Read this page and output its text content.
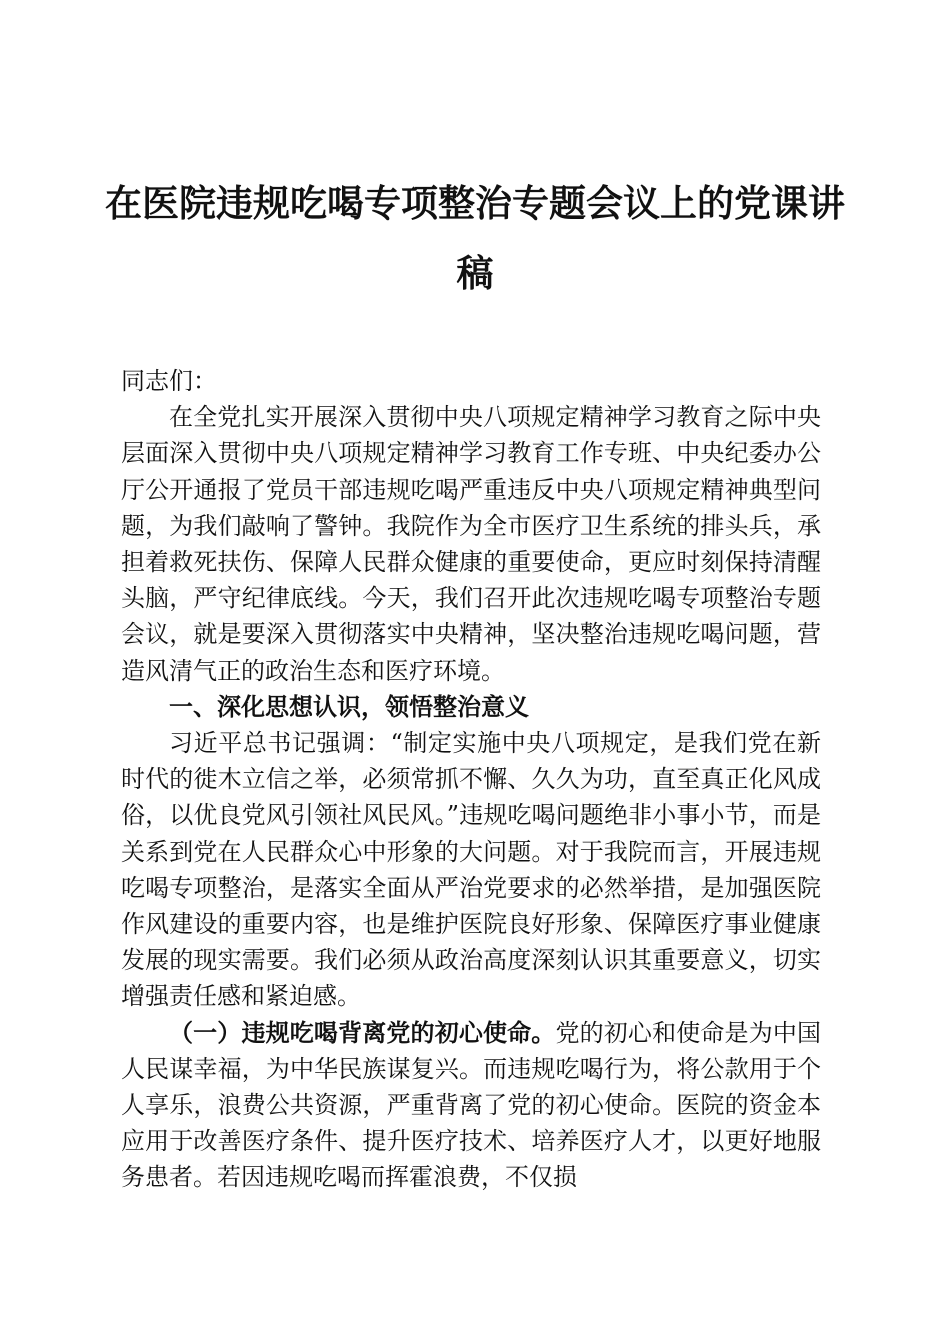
在医院违规吃喝专项整治专题会议上的党课讲稿

同志们：

在全党扎实开展深入贯彻中央八项规定精神学习教育之际中央层面深入贯彻中央八项规定精神学习教育工作专班、中央纪委办公厅公开通报了党员干部违规吃喝严重违反中央八项规定精神典型问题，为我们敲响了警钟。我院作为全市医疗卫生系统的排头兵，承担着救死扶伤、保障人民群众健康的重要使命，更应时刻保持清醒头脑，严守纪律底线。今天，我们召开此次违规吃喝专项整治专题会议，就是要深入贯彻落实中央精神，坚决整治违规吃喝问题，营造风清气正的政治生态和医疗环境。

一、深化思想认识，领悟整治意义

习近平总书记强调：“制定实施中央八项规定，是我们党在新时代的徙木立信之举，必须常抓不懈、久久为功，直至真正化风成俗，以优良党风引领社风民风。”违规吃喝问题绝非小事小节，而是关系到党在人民群众心中形象的大问题。对于我院而言，开展违规吃喝专项整治，是落实全面从严治党要求的必然举措，是加强医院作风建设的重要内容，也是维护医院良好形象、保障医疗事业健康发展的现实需要。我们必须从政治高度深刻认识其重要意义，切实增强责任感和紧迫感。

（一）违规吃喝背离党的初心使命。党的初心和使命是为中国人民谋幸福，为中华民族谋复兴。而违规吃喝行为，将公款用于个人享乐，浪费公共资源，严重背离了党的初心使命。医院的资金本应用于改善医疗条件、提升医疗技术、培养医疗人才，以更好地服务患者。若因违规吃喝而挥霍浪费，不仅损
